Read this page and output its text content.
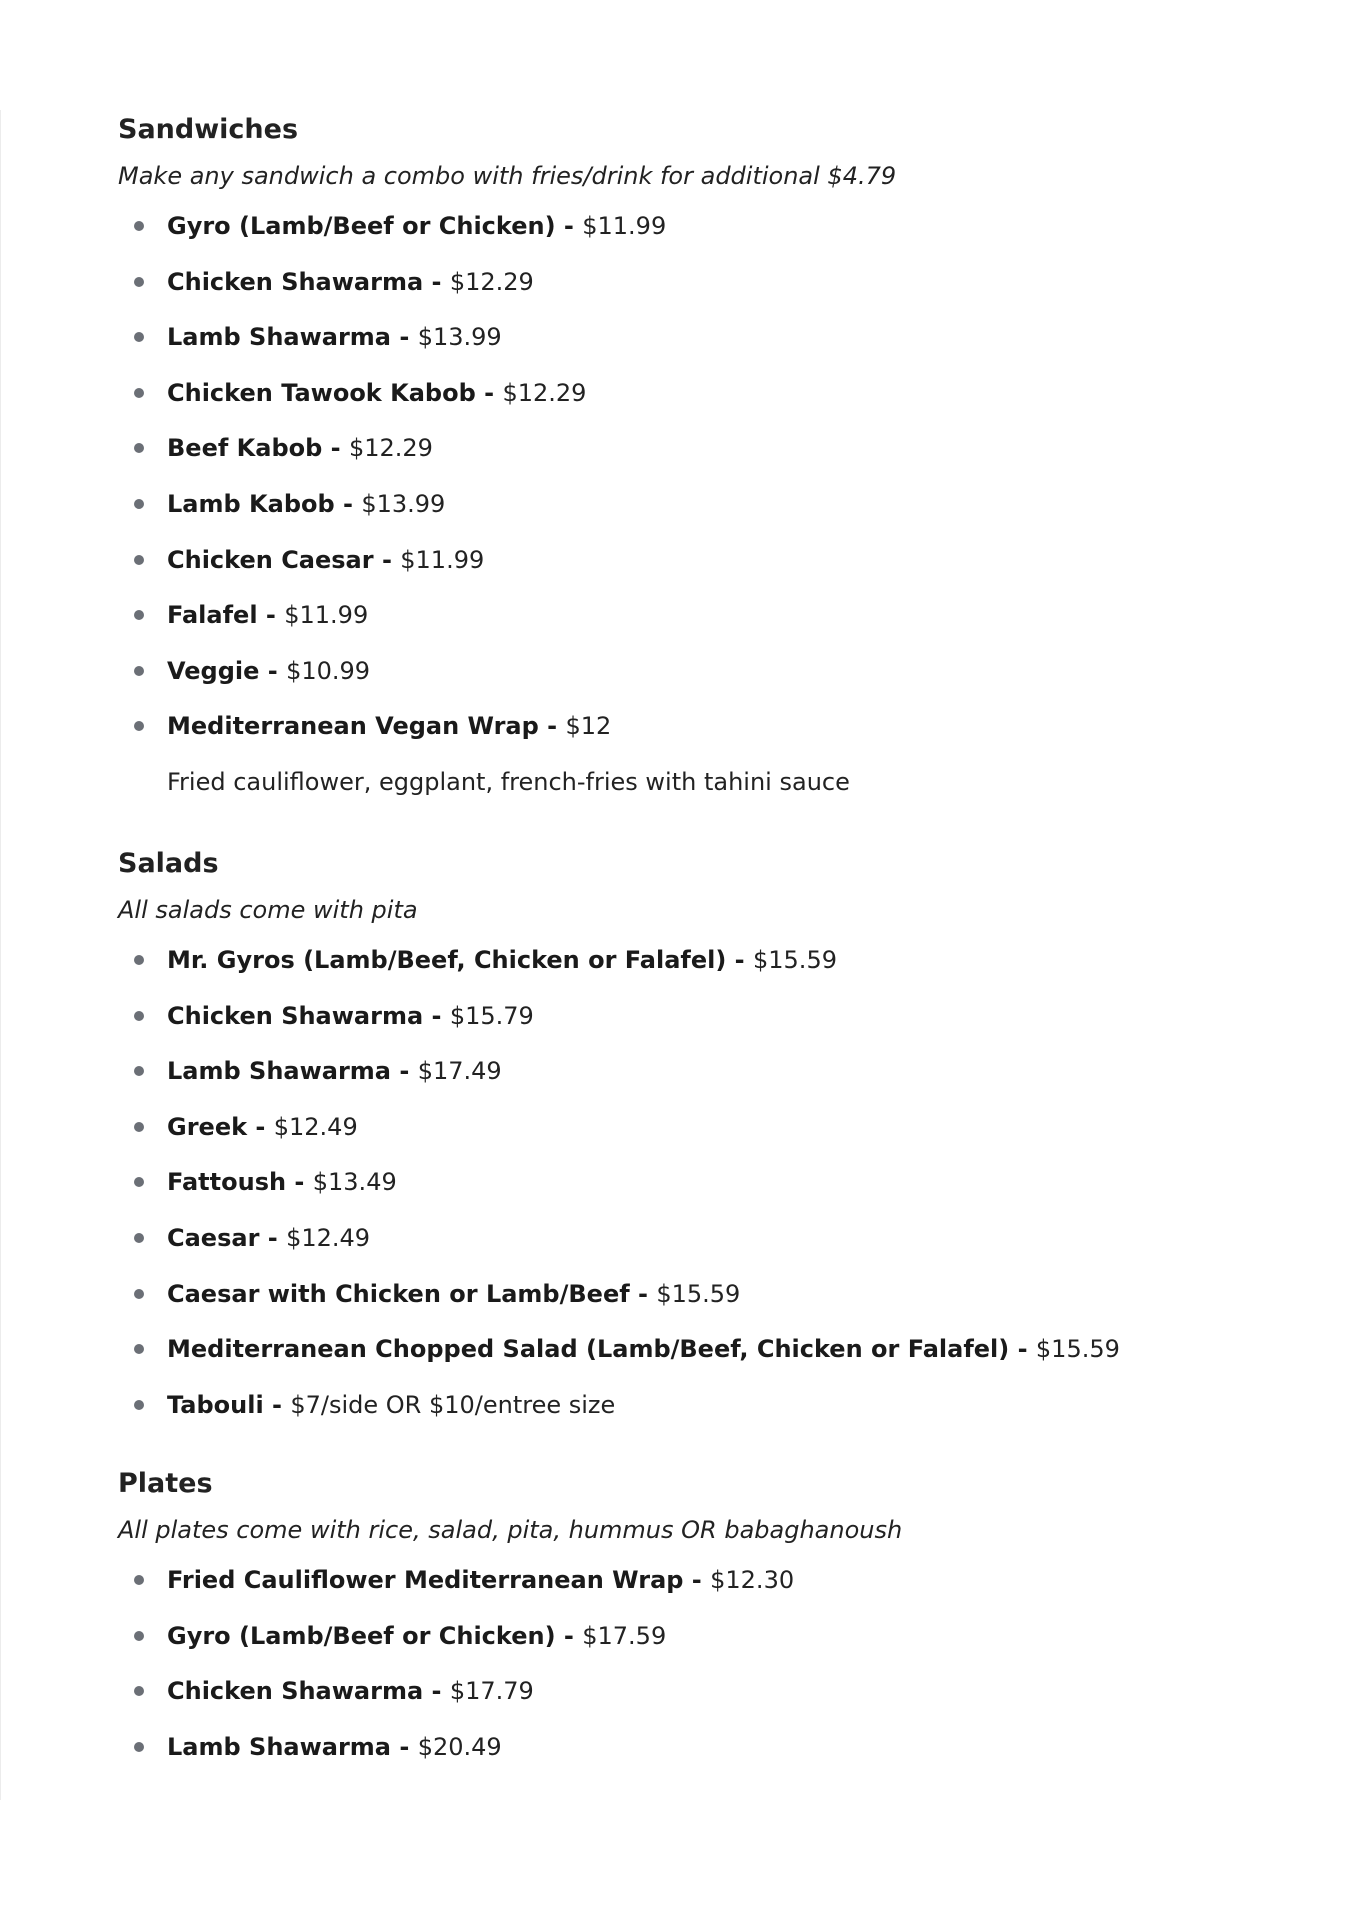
Sandwiches

Make any sandwich a combo with fries/drink for additional $4.79

Gyro (Lamb/Beef or Chicken) - $11.99
Chicken Shawarma - $12.29
Lamb Shawarma - $13.99
Chicken Tawook Kabob - $12.29
Beef Kabob - $12.29
Lamb Kabob - $13.99
Chicken Caesar - $11.99
Falafel - $11.99
Veggie - $10.99
Mediterranean Vegan Wrap - $12
Fried cauliflower, eggplant, french-fries with tahini sauce
Salads

All salads come with pita

Mr. Gyros (Lamb/Beef, Chicken or Falafel) - $15.59
Chicken Shawarma - $15.79
Lamb Shawarma - $17.49
Greek - $12.49
Fattoush - $13.49
Caesar - $12.49
Caesar with Chicken or Lamb/Beef - $15.59
Mediterranean Chopped Salad (Lamb/Beef, Chicken or Falafel) - $15.59
Tabouli - $7/side OR $10/entree size
Plates

All plates come with rice, salad, pita, hummus OR babaghanoush

Fried Cauliflower Mediterranean Wrap - $12.30
Gyro (Lamb/Beef or Chicken) - $17.59
Chicken Shawarma - $17.79
Lamb Shawarma - $20.49
